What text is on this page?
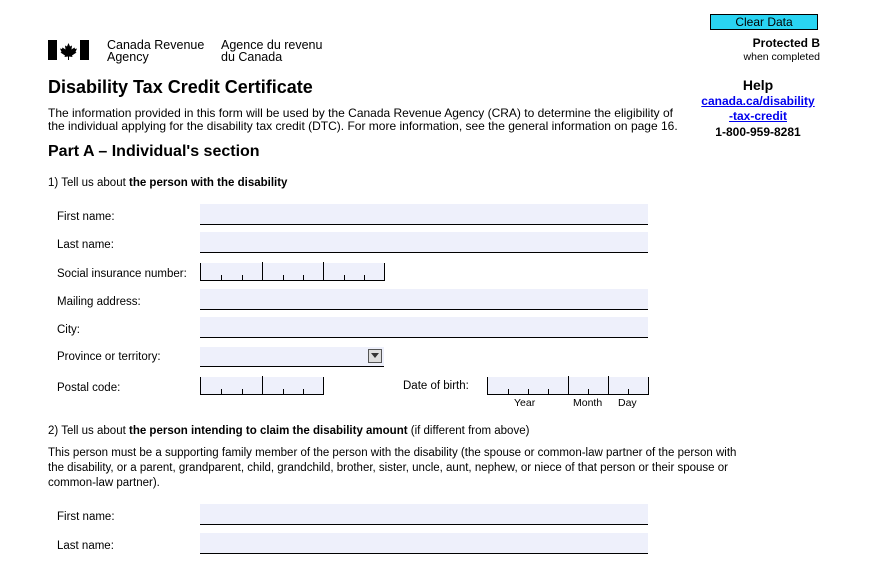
Clear Data
Protected B
when completed
Canada Revenue
Agency
Agence du revenu
du Canada
Disability Tax Credit Certificate	Help
canada.ca/disability
-tax-credit
1-800-959-8281
The information provided in this form will be used by the Canada Revenue Agency (CRA) to determine the eligibility of
the individual applying for the disability tax credit (DTC). For more information, see the general information on page 16.
Part A – Individual's section
1) Tell us about the person with the disability
First name:
Last name:
Social insurance number:
Mailing address:
City:
Province or territory:
Postal code:	Date of birth:
Year	Month Day
2) Tell us about the person intending to claim the disability amount (if different from above)
This person must be a supporting family member of the person with the disability (the spouse or common-law partner of the person with
the disability, or a parent, grandparent, child, grandchild, brother, sister, uncle, aunt, nephew, or niece of that person or their spouse or
common-law partner).
First name:
Last name:
